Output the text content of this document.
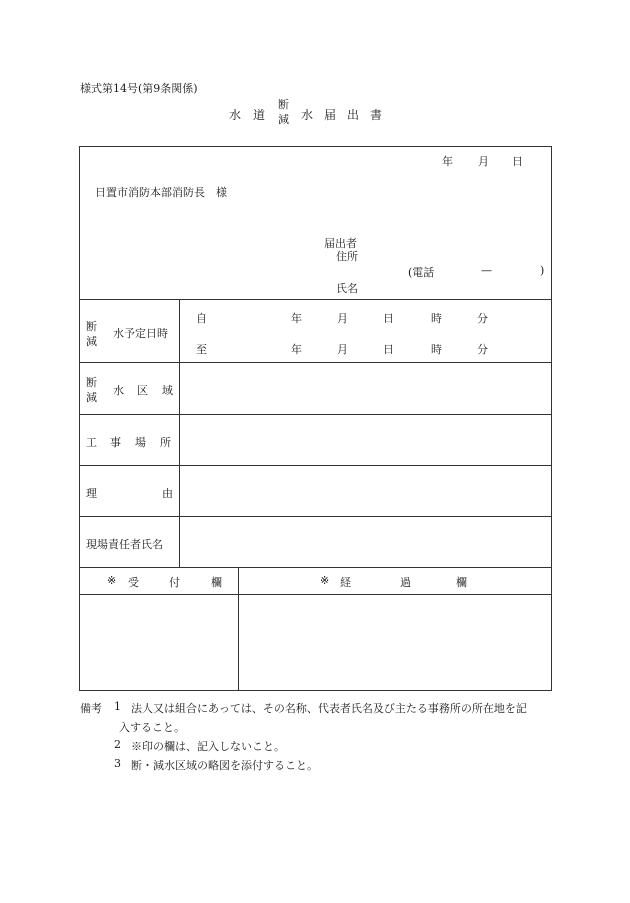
様式第14号(第9条関係)
水 道
断
減 水 届 出 書
年 月 日
日置市消防本部消防長　様
届出者
住所
(電話	—	)
氏名
断
減
水予定日時
自	年	月	日	時	分
至	年	月	日	時	分
断
減
水 区 域
工 事 場 所
理	由
現場責任者氏名
※ 受	付	欄	※ 経	過	欄
備考 1 法人又は組合にあっては、その名称、代表者氏名及び主たる事務所の所在地を記
入すること。
2 ※印の欄は、記入しないこと。
3 断・減水区域の略図を添付すること。
